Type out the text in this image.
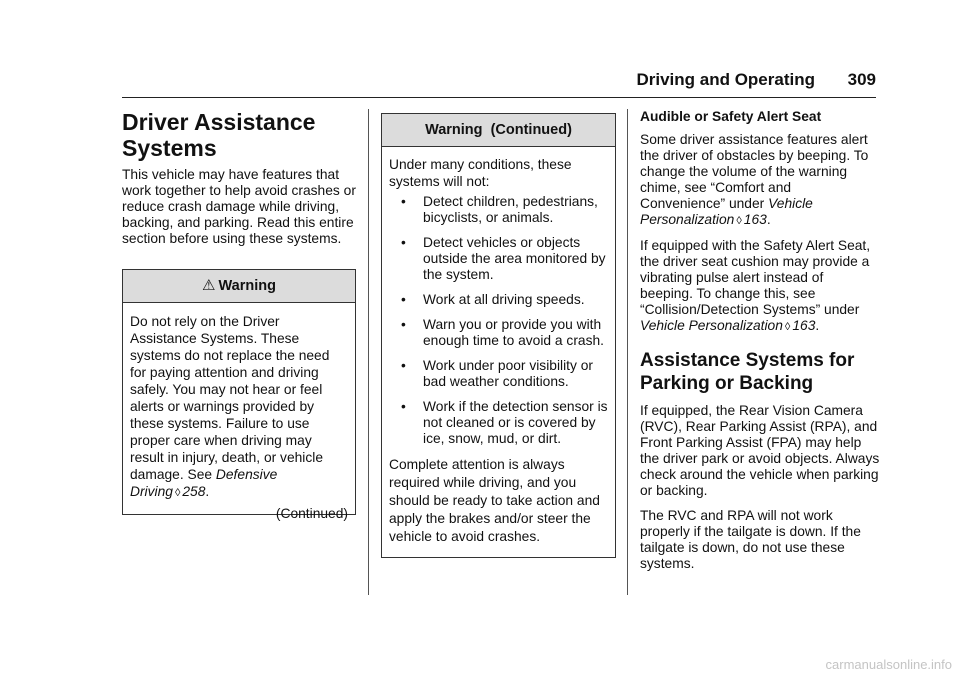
Driving and Operating	309
Driver Assistance Systems

This vehicle may have features that work together to help avoid crashes or reduce crash damage while driving, backing, and parking. Read this entire section before using these systems.

⚠ Warning

Do not rely on the Driver Assistance Systems. These systems do not replace the need for paying attention and driving safely. You may not hear or feel alerts or warnings provided by these systems. Failure to use proper care when driving may result in injury, death, or vehicle damage. See Defensive Driving ◊ 258.

(Continued)
Warning  (Continued)

Under many conditions, these systems will not:

• Detect children, pedestrians, bicyclists, or animals.
• Detect vehicles or objects outside the area monitored by the system.
• Work at all driving speeds.
• Warn you or provide you with enough time to avoid a crash.
• Work under poor visibility or bad weather conditions.
• Work if the detection sensor is not cleaned or is covered by ice, snow, mud, or dirt.

Complete attention is always required while driving, and you should be ready to take action and apply the brakes and/or steer the vehicle to avoid crashes.

Audible or Safety Alert Seat

Some driver assistance features alert the driver of obstacles by beeping. To change the volume of the warning chime, see “Comfort and Convenience” under Vehicle Personalization ◊ 163.

If equipped with the Safety Alert Seat, the driver seat cushion may provide a vibrating pulse alert instead of beeping. To change this, see “Collision/Detection Systems” under Vehicle Personalization ◊ 163.

Assistance Systems for Parking or Backing

If equipped, the Rear Vision Camera (RVC), Rear Parking Assist (RPA), and Front Parking Assist (FPA) may help the driver park or avoid objects. Always check around the vehicle when parking or backing.

The RVC and RPA will not work properly if the tailgate is down. If the tailgate is down, do not use these systems.

carmanualsonline.info
